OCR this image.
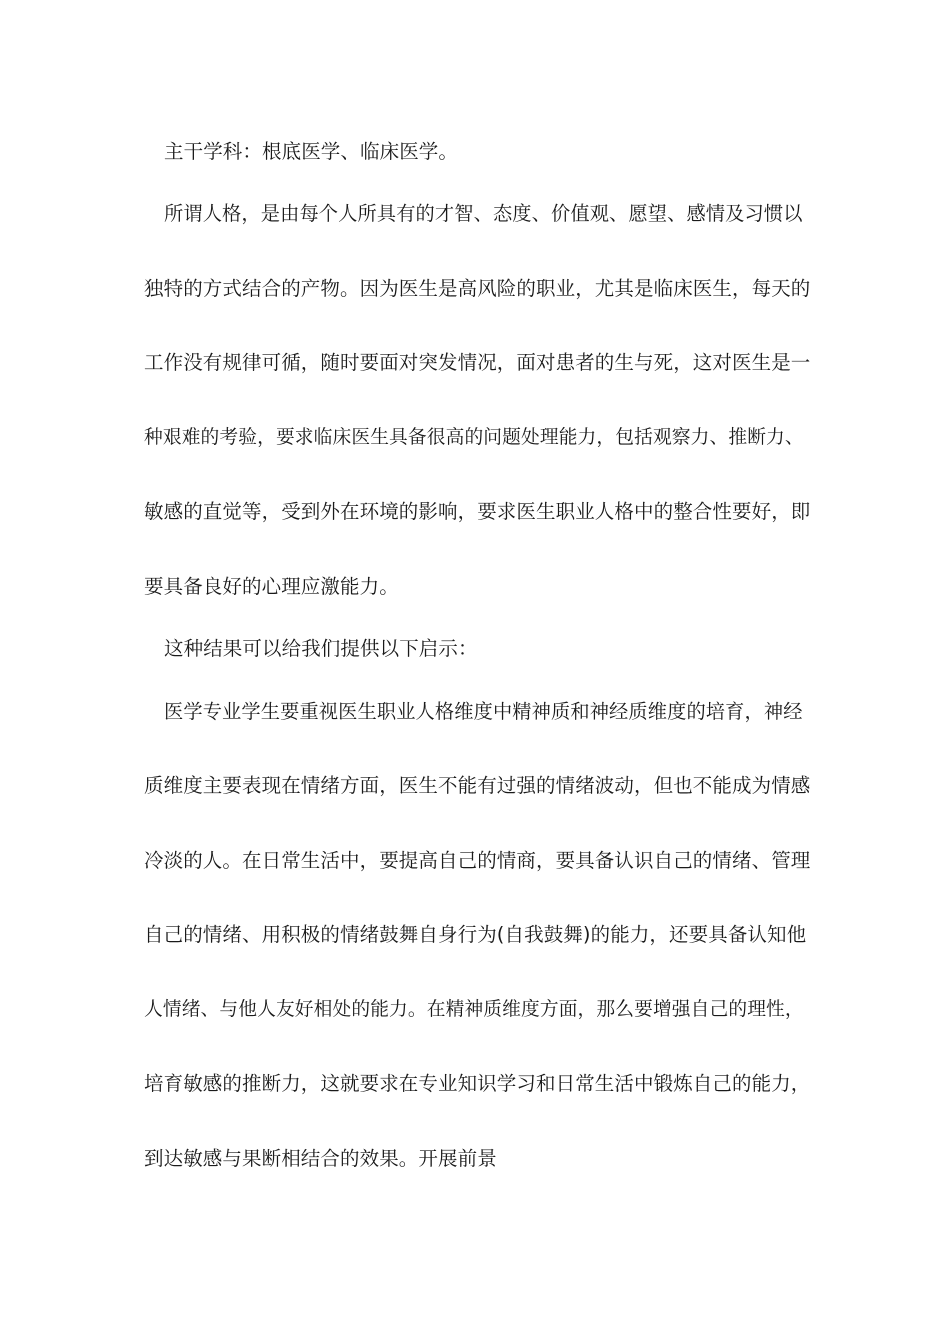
主干学科：根底医学、临床医学。
所谓人格，是由每个人所具有的才智、态度、价值观、愿望、感情及习惯以
独特的方式结合的产物。因为医生是高风险的职业，尤其是临床医生，每天的
工作没有规律可循，随时要面对突发情况，面对患者的生与死，这对医生是一
种艰难的考验，要求临床医生具备很高的问题处理能力，包括观察力、推断力、
敏感的直觉等，受到外在环境的影响，要求医生职业人格中的整合性要好，即
要具备良好的心理应激能力。
这种结果可以给我们提供以下启示：
医学专业学生要重视医生职业人格维度中精神质和神经质维度的培育，神经
质维度主要表现在情绪方面，医生不能有过强的情绪波动，但也不能成为情感
冷淡的人。在日常生活中，要提高自己的情商，要具备认识自己的情绪、管理
自己的情绪、用积极的情绪鼓舞自身行为(自我鼓舞)的能力，还要具备认知他
人情绪、与他人友好相处的能力。在精神质维度方面，那么要增强自己的理性，
培育敏感的推断力，这就要求在专业知识学习和日常生活中锻炼自己的能力，
到达敏感与果断相结合的效果。开展前景
